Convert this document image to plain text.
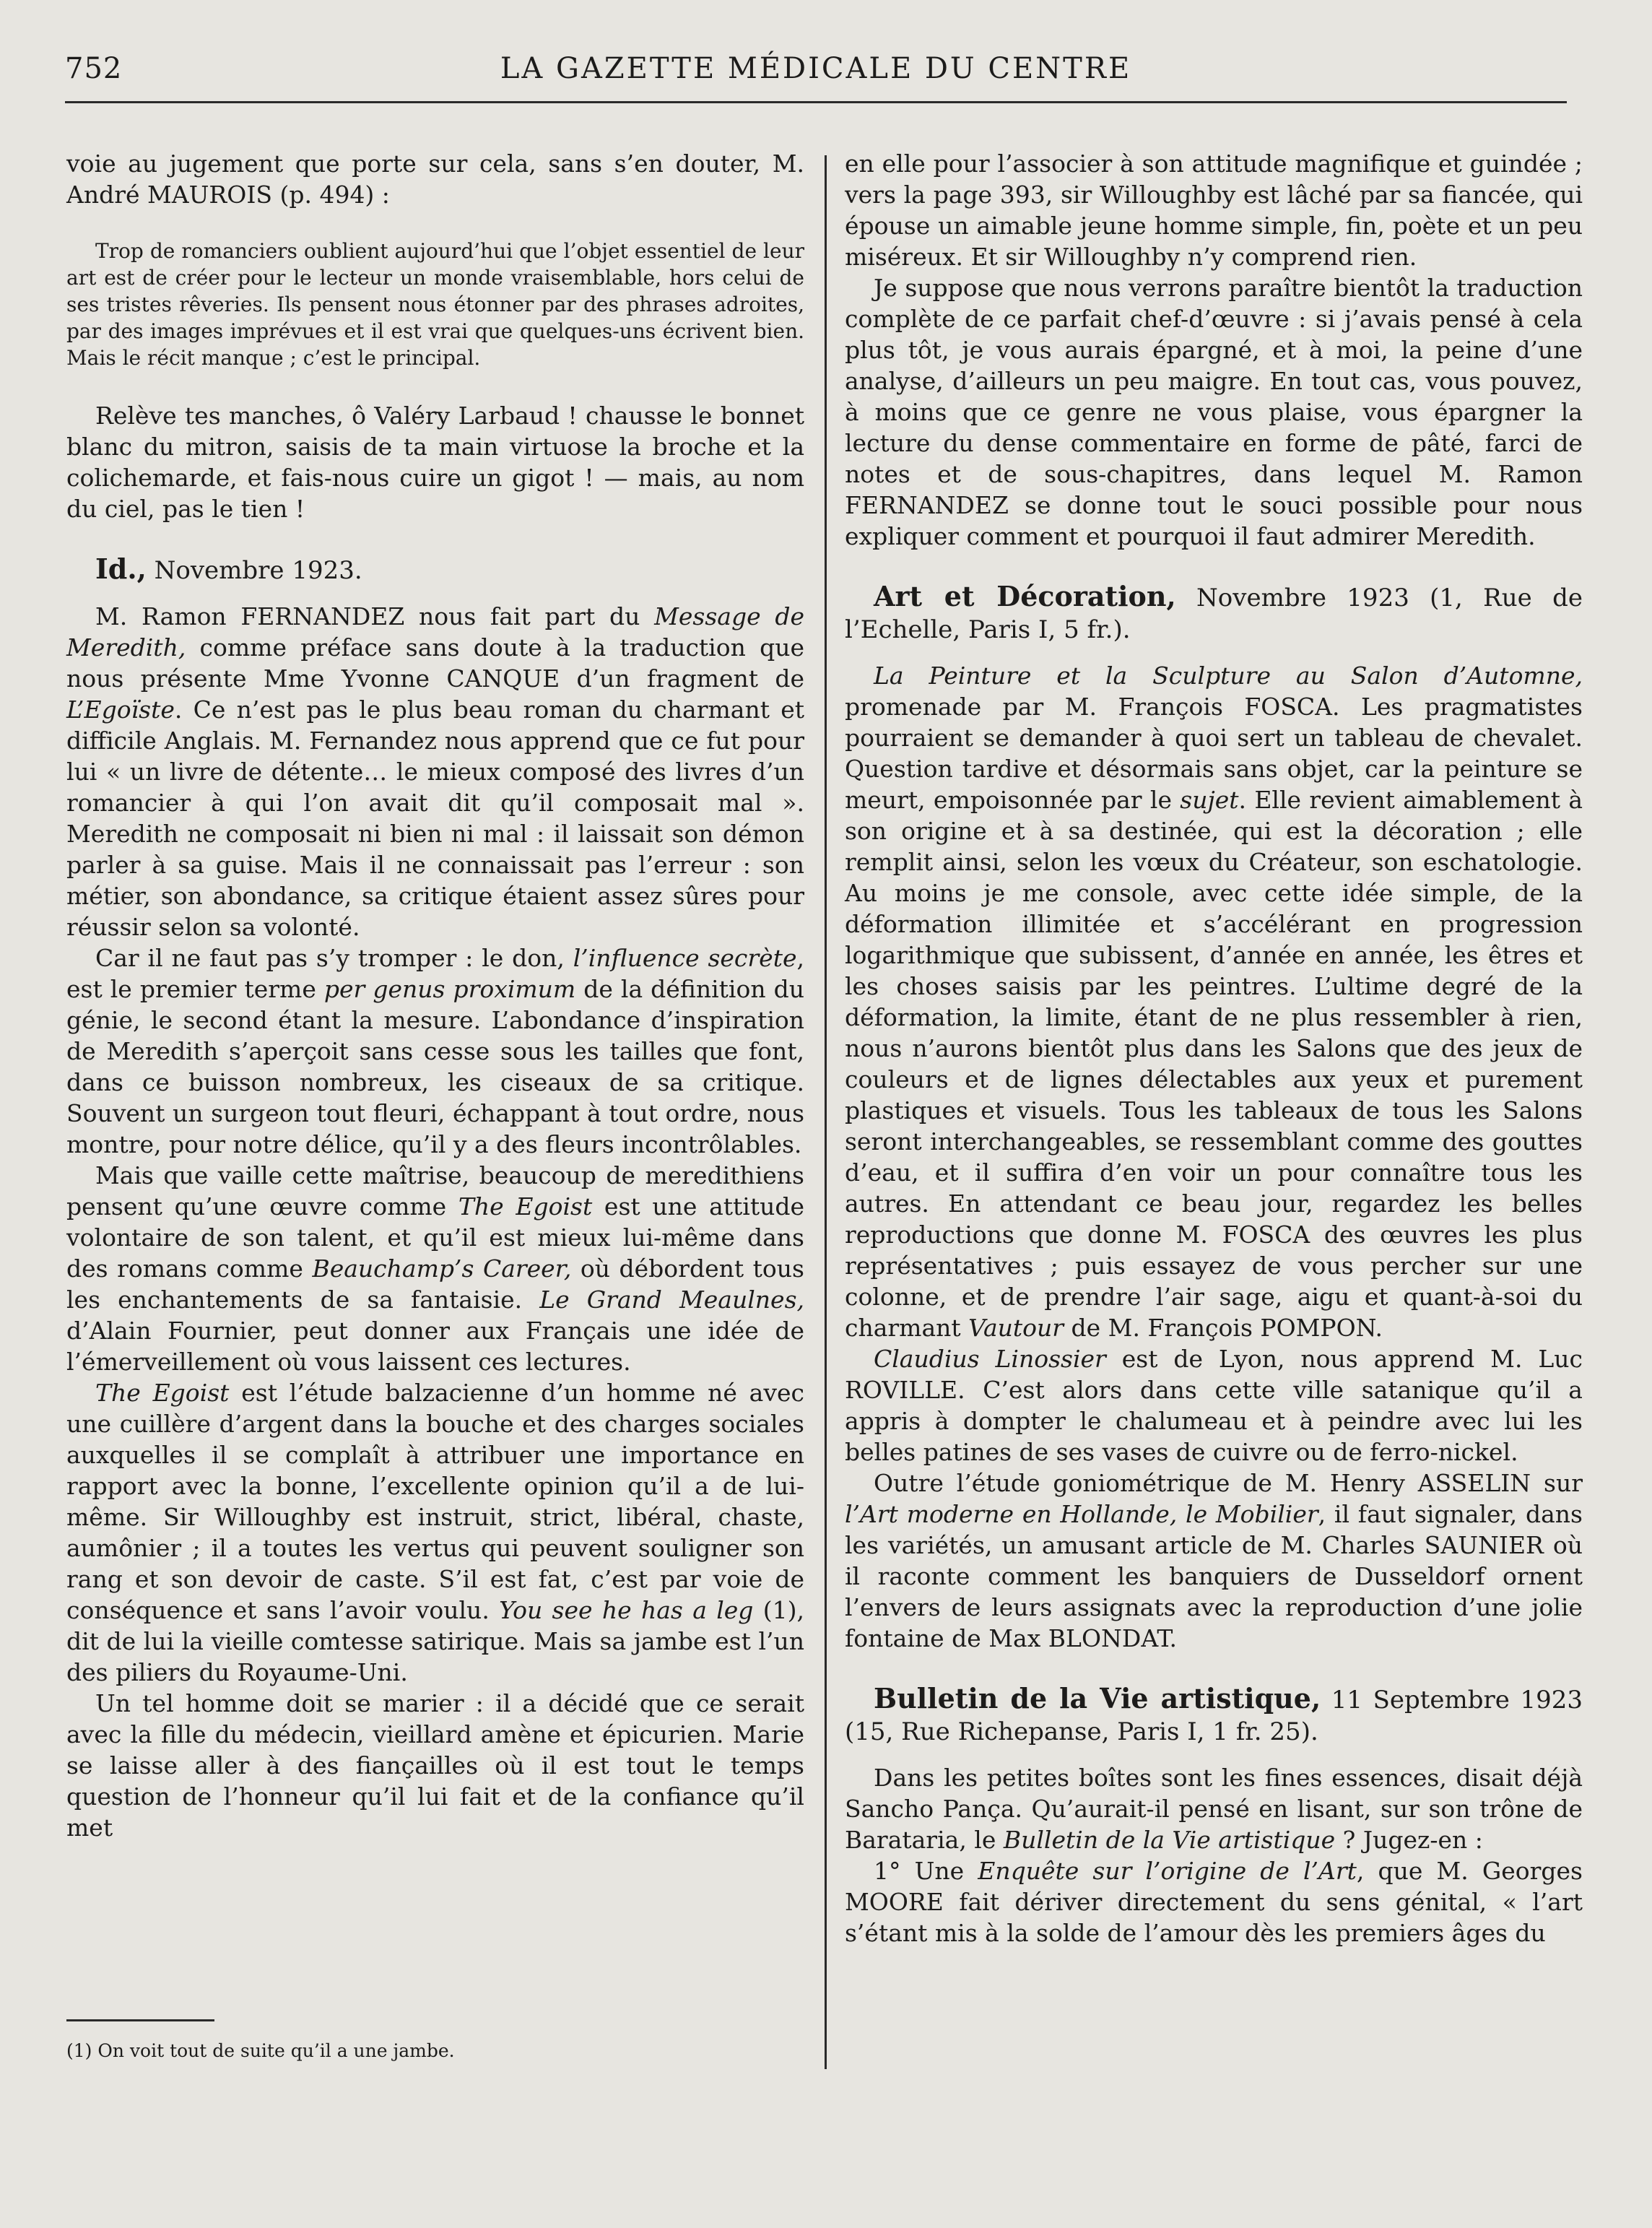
752	LA GAZETTE MÉDICALE DU CENTRE

voie au jugement que porte sur cela, sans s’en douter, M. André MAUROIS (p. 494) :

Trop de romanciers oublient aujourd’hui que l’objet essentiel de leur art est de créer pour le lecteur un monde vraisemblable, hors celui de ses tristes rêveries. Ils pensent nous étonner par des phrases adroites, par des images imprévues et il est vrai que quelques-uns écrivent bien. Mais le récit manque ; c’est le principal.

Relève tes manches, ô Valéry Larbaud ! chausse le bonnet blanc du mitron, saisis de ta main virtuose la broche et la colichemarde, et fais-nous cuire un gigot ! — mais, au nom du ciel, pas le tien !

Id., Novembre 1923.

M. Ramon FERNANDEZ nous fait part du Message de Meredith, comme préface sans doute à la traduction que nous présente Mme Yvonne CANQUE d’un fragment de L’Egoïste. Ce n’est pas le plus beau roman du charmant et difficile Anglais. M. Fernandez nous apprend que ce fut pour lui « un livre de détente… le mieux composé des livres d’un romancier à qui l’on avait dit qu’il composait mal ». Meredith ne composait ni bien ni mal : il laissait son démon parler à sa guise. Mais il ne connaissait pas l’erreur : son métier, son abondance, sa critique étaient assez sûres pour réussir selon sa volonté.

Car il ne faut pas s’y tromper : le don, l’influence secrète, est le premier terme per genus proximum de la définition du génie, le second étant la mesure. L’abondance d’inspiration de Meredith s’aperçoit sans cesse sous les tailles que font, dans ce buisson nombreux, les ciseaux de sa critique. Souvent un surgeon tout fleuri, échappant à tout ordre, nous montre, pour notre délice, qu’il y a des fleurs incontrôlables.

Mais que vaille cette maîtrise, beaucoup de meredithiens pensent qu’une œuvre comme The Egoist est une attitude volontaire de son talent, et qu’il est mieux lui-même dans des romans comme Beauchamp’s Career, où débordent tous les enchantements de sa fantaisie. Le Grand Meaulnes, d’Alain Fournier, peut donner aux Français une idée de l’émerveillement où vous laissent ces lectures.

The Egoist est l’étude balzacienne d’un homme né avec une cuillère d’argent dans la bouche et des charges sociales auxquelles il se complaît à attribuer une importance en rapport avec la bonne, l’excellente opinion qu’il a de lui-même. Sir Willoughby est instruit, strict, libéral, chaste, aumônier ; il a toutes les vertus qui peuvent souligner son rang et son devoir de caste. S’il est fat, c’est par voie de conséquence et sans l’avoir voulu. You see he has a leg (1), dit de lui la vieille comtesse satirique. Mais sa jambe est l’un des piliers du Royaume-Uni.

Un tel homme doit se marier : il a décidé que ce serait avec la fille du médecin, vieillard amène et épicurien. Marie se laisse aller à des fiançailles où il est tout le temps question de l’honneur qu’il lui fait et de la confiance qu’il met

(1) On voit tout de suite qu’il a une jambe.

en elle pour l’associer à son attitude magnifique et guindée ; vers la page 393, sir Willoughby est lâché par sa fiancée, qui épouse un aimable jeune homme simple, fin, poète et un peu miséreux. Et sir Willoughby n’y comprend rien.

Je suppose que nous verrons paraître bientôt la traduction complète de ce parfait chef-d’œuvre : si j’avais pensé à cela plus tôt, je vous aurais épargné, et à moi, la peine d’une analyse, d’ailleurs un peu maigre. En tout cas, vous pouvez, à moins que ce genre ne vous plaise, vous épargner la lecture du dense commentaire en forme de pâté, farci de notes et de sous-chapitres, dans lequel M. Ramon FERNANDEZ se donne tout le souci possible pour nous expliquer comment et pourquoi il faut admirer Meredith.

Art et Décoration, Novembre 1923 (1, Rue de l’Echelle, Paris I, 5 fr.).

La Peinture et la Sculpture au Salon d’Automne, promenade par M. François FOSCA. Les pragmatistes pourraient se demander à quoi sert un tableau de chevalet. Question tardive et désormais sans objet, car la peinture se meurt, empoisonnée par le sujet. Elle revient aimablement à son origine et à sa destinée, qui est la décoration ; elle remplit ainsi, selon les vœux du Créateur, son eschatologie. Au moins je me console, avec cette idée simple, de la déformation illimitée et s’accélérant en progression logarithmique que subissent, d’année en année, les êtres et les choses saisis par les peintres. L’ultime degré de la déformation, la limite, étant de ne plus ressembler à rien, nous n’aurons bientôt plus dans les Salons que des jeux de couleurs et de lignes délectables aux yeux et purement plastiques et visuels. Tous les tableaux de tous les Salons seront interchangeables, se ressemblant comme des gouttes d’eau, et il suffira d’en voir un pour connaître tous les autres. En attendant ce beau jour, regardez les belles reproductions que donne M. FOSCA des œuvres les plus représentatives ; puis essayez de vous percher sur une colonne, et de prendre l’air sage, aigu et quant-à-soi du charmant Vautour de M. François POMPON.

Claudius Linossier est de Lyon, nous apprend M. Luc ROVILLE. C’est alors dans cette ville satanique qu’il a appris à dompter le chalumeau et à peindre avec lui les belles patines de ses vases de cuivre ou de ferro-nickel.

Outre l’étude goniométrique de M. Henry ASSELIN sur l’Art moderne en Hollande, le Mobilier, il faut signaler, dans les variétés, un amusant article de M. Charles SAUNIER où il raconte comment les banquiers de Dusseldorf ornent l’envers de leurs assignats avec la reproduction d’une jolie fontaine de Max BLONDAT.

Bulletin de la Vie artistique, 11 Septembre 1923 (15, Rue Richepanse, Paris I, 1 fr. 25).

Dans les petites boîtes sont les fines essences, disait déjà Sancho Pança. Qu’aurait-il pensé en lisant, sur son trône de Barataria, le Bulletin de la Vie artistique ? Jugez-en :

1° Une Enquête sur l’origine de l’Art, que M. Georges MOORE fait dériver directement du sens génital, « l’art s’étant mis à la solde de l’amour dès les premiers âges du
